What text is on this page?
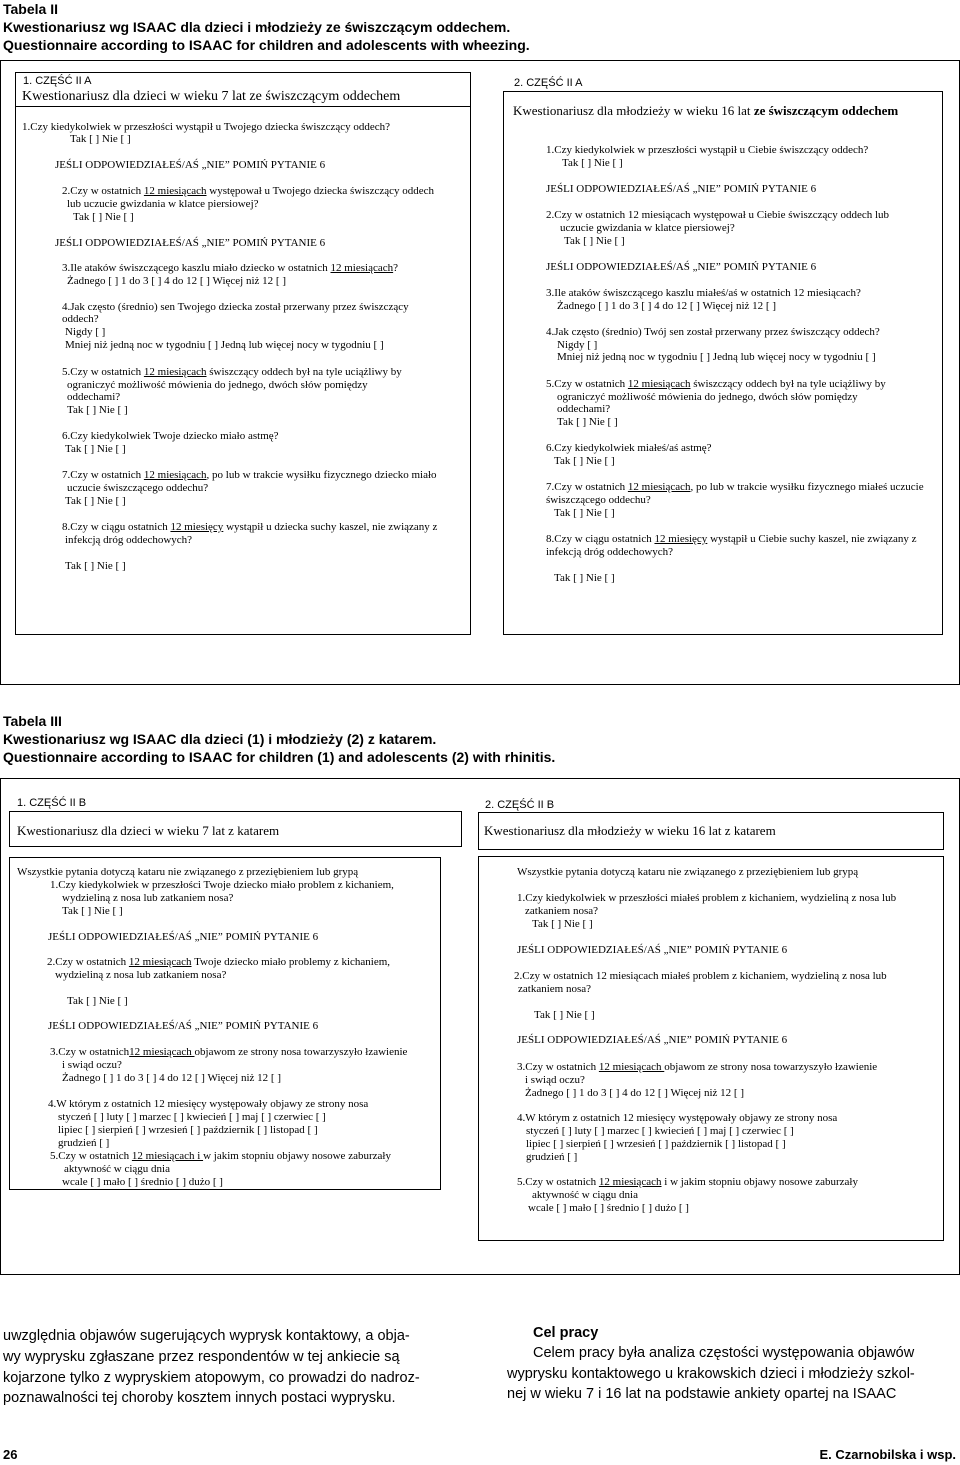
Tabela II
Kwestionariusz wg ISAAC dla dzieci i młodzieży ze świszczącym oddechem.
Questionnaire according to ISAAC for children and adolescents with wheezing.
1. CZĘŚĆ II A
Kwestionariusz dla dzieci w wieku 7 lat ze świszczącym oddechem
1.Czy kiedykolwiek w przeszłości wystąpił u Twojego dziecka świszczący oddech?
Tak [ ] Nie [ ]
JEŚLI ODPOWIEDZIAŁEŚ/AŚ „NIE” POMIŃ PYTANIE 6
2.Czy w ostatnich 12 miesiącach występował u Twojego dziecka świszczący oddech
lub uczucie gwizdania w klatce piersiowej?
Tak [ ] Nie [ ]
JEŚLI ODPOWIEDZIAŁEŚ/AŚ „NIE” POMIŃ PYTANIE 6
3.Ile ataków świszczącego kaszlu miało dziecko w ostatnich 12 miesiącach?
Żadnego [ ] 1 do 3 [ ] 4 do 12 [ ] Więcej niż 12 [ ]
4.Jak często (średnio) sen Twojego dziecka został przerwany przez świszczący
oddech?
Nigdy [ ]
Mniej niż jedną noc w tygodniu [ ] Jedną lub więcej nocy w tygodniu [ ]
5.Czy w ostatnich 12 miesiącach świszczący oddech był na tyle uciążliwy by
ograniczyć możliwość mówienia do jednego, dwóch słów pomiędzy
oddechami?
Tak [ ] Nie [ ]
6.Czy kiedykolwiek Twoje dziecko miało astmę?
Tak [ ] Nie [ ]
7.Czy w ostatnich 12 miesiącach, po lub w trakcie wysiłku fizycznego dziecko miało
uczucie świszczącego oddechu?
Tak [ ] Nie [ ]
8.Czy w ciągu ostatnich 12 miesięcy wystąpił u dziecka suchy kaszel, nie związany z
infekcją dróg oddechowych?
Tak [ ] Nie [ ]
2. CZĘŚĆ II A
Kwestionariusz dla młodzieży w wieku 16 lat ze świszczącym oddechem
1.Czy kiedykolwiek w przeszłości wystąpił u Ciebie świszczący oddech?
Tak [ ] Nie [ ]
JEŚLI ODPOWIEDZIAŁEŚ/AŚ „NIE” POMIŃ PYTANIE 6
2.Czy w ostatnich 12 miesiącach występował u Ciebie świszczący oddech lub
uczucie gwizdania w klatce piersiowej?
Tak [ ] Nie [ ]
JEŚLI ODPOWIEDZIAŁEŚ/AŚ „NIE” POMIŃ PYTANIE 6
3.Ile ataków świszczącego kaszlu miałeś/aś w ostatnich 12 miesiącach?
Żadnego [ ] 1 do 3 [ ] 4 do 12 [ ] Więcej niż 12 [ ]
4.Jak często (średnio) Twój sen został przerwany przez świszczący oddech?
Nigdy [ ]
Mniej niż jedną noc w tygodniu [ ] Jedną lub więcej nocy w tygodniu [ ]
5.Czy w ostatnich 12 miesiącach świszczący oddech był na tyle uciążliwy by
ograniczyć możliwość mówienia do jednego, dwóch słów pomiędzy
oddechami?
Tak [ ] Nie [ ]
6.Czy kiedykolwiek miałeś/aś astmę?
Tak [ ] Nie [ ]
7.Czy w ostatnich 12 miesiącach, po lub w trakcie wysiłku fizycznego miałeś uczucie
świszczącego oddechu?
Tak [ ] Nie [ ]
8.Czy w ciągu ostatnich 12 miesięcy wystąpił u Ciebie suchy kaszel, nie związany z
infekcją dróg oddechowych?
Tak [ ] Nie [ ]
Tabela III
Kwestionariusz wg ISAAC dla dzieci (1) i młodzieży (2) z katarem.
Questionnaire according to ISAAC for children (1) and adolescents (2) with rhinitis.
1. CZĘŚĆ II B
Kwestionariusz dla dzieci w wieku 7 lat z katarem
Wszystkie pytania dotyczą kataru nie związanego z przeziębieniem lub grypą
1.Czy kiedykolwiek w przeszłości Twoje dziecko miało problem z kichaniem,
wydzieliną z nosa lub zatkaniem nosa?
Tak [ ] Nie [ ]
JEŚLI ODPOWIEDZIAŁEŚ/AŚ „NIE” POMIŃ PYTANIE 6
2.Czy w ostatnich 12 miesiącach Twoje dziecko miało problemy z kichaniem,
wydzieliną z nosa lub zatkaniem nosa?
Tak [ ] Nie [ ]
JEŚLI ODPOWIEDZIAŁEŚ/AŚ „NIE” POMIŃ PYTANIE 6
3.Czy w ostatnich12 miesiącach objawom ze strony nosa towarzyszyło łzawienie
i swiąd oczu?
Żadnego [ ] 1 do 3 [ ] 4 do 12 [ ] Więcej niż 12 [ ]
4.W którym z ostatnich 12 miesięcy występowały objawy ze strony nosa
styczeń [ ] luty [ ] marzec [ ] kwiecień [ ] maj [ ] czerwiec [ ]
lipiec [ ] sierpień [ ] wrzesień [ ] październik [ ] listopad [ ]
grudzień [ ]
5.Czy w ostatnich 12 miesiącach i w jakim stopniu objawy nosowe zaburzały
aktywność w ciągu dnia
wcale [ ] mało [ ] średnio [ ] dużo [ ]
2. CZĘŚĆ II B
Kwestionariusz dla młodzieży w wieku 16 lat z katarem
Wszystkie pytania dotyczą kataru nie związanego z przeziębieniem lub grypą
1.Czy kiedykolwiek w przeszłości miałeś problem z kichaniem, wydzieliną z nosa lub
zatkaniem nosa?
Tak [ ] Nie [ ]
JEŚLI ODPOWIEDZIAŁEŚ/AŚ „NIE” POMIŃ PYTANIE 6
2.Czy w ostatnich 12 miesiącach miałeś problem z kichaniem, wydzieliną z nosa lub
zatkaniem nosa?
Tak [ ] Nie [ ]
JEŚLI ODPOWIEDZIAŁEŚ/AŚ „NIE” POMIŃ PYTANIE 6
3.Czy w ostatnich 12 miesiącach objawom ze strony nosa towarzyszyło łzawienie
i swiąd oczu?
Żadnego [ ] 1 do 3 [ ] 4 do 12 [ ] Więcej niż 12 [ ]
4.W którym z ostatnich 12 miesięcy występowały objawy ze strony nosa
styczeń [ ] luty [ ] marzec [ ] kwiecień [ ] maj [ ] czerwiec [ ]
lipiec [ ] sierpień [ ] wrzesień [ ] październik [ ] listopad [ ]
grudzień [ ]
5.Czy w ostatnich 12 miesiącach i w jakim stopniu objawy nosowe zaburzały
aktywność w ciągu dnia
wcale [ ] mało [ ] średnio [ ] dużo [ ]
uwzględnia objawów sugerujących wyprysk kontaktowy, a obja-
wy wyprysku zgłaszane przez respondentów w tej ankiecie są
kojarzone tylko z wypryskiem atopowym, co prowadzi do nadroz-
poznawalności tej choroby kosztem innych postaci wyprysku.
Cel pracy
Celem pracy była analiza częstości występowania objawów
wyprysku kontaktowego u krakowskich dzieci i młodzieży szkol-
nej w wieku 7 i 16 lat na podstawie ankiety opartej na ISAAC
26	E. Czarnobilska i wsp.
